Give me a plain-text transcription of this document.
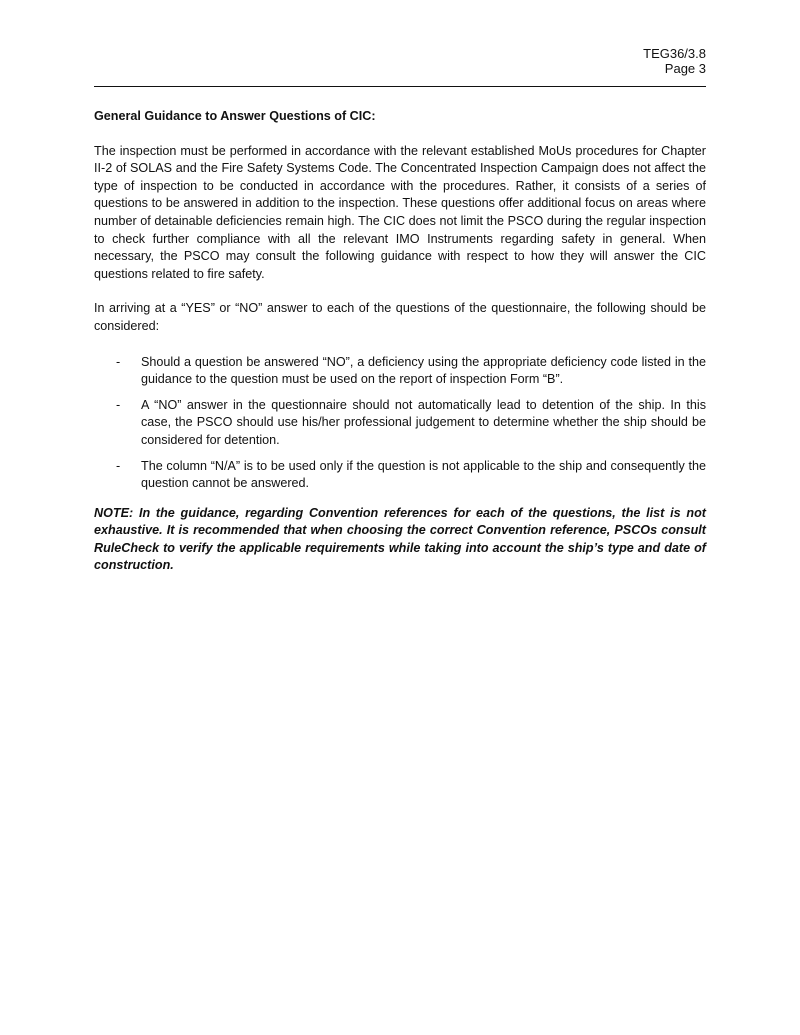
TEG36/3.8
Page 3
General Guidance to Answer Questions of CIC:

The inspection must be performed in accordance with the relevant established MoUs procedures for Chapter II-2 of SOLAS and the Fire Safety Systems Code. The Concentrated Inspection Campaign does not affect the type of inspection to be conducted in accordance with the procedures. Rather, it consists of a series of questions to be answered in addition to the inspection. These questions offer additional focus on areas where number of detainable deficiencies remain high. The CIC does not limit the PSCO during the regular inspection to check further compliance with all the relevant IMO Instruments regarding safety in general. When necessary, the PSCO may consult the following guidance with respect to how they will answer the CIC questions related to fire safety.

In arriving at a “YES” or “NO” answer to each of the questions of the questionnaire, the following should be considered:

- Should a question be answered “NO”, a deficiency using the appropriate deficiency code listed in the guidance to the question must be used on the report of inspection Form “B”.
- A “NO” answer in the questionnaire should not automatically lead to detention of the ship. In this case, the PSCO should use his/her professional judgement to determine whether the ship should be considered for detention.
- The column “N/A” is to be used only if the question is not applicable to the ship and consequently the question cannot be answered.

NOTE: In the guidance, regarding Convention references for each of the questions, the list is not exhaustive. It is recommended that when choosing the correct Convention reference, PSCOs consult RuleCheck to verify the applicable requirements while taking into account the ship’s type and date of construction.
